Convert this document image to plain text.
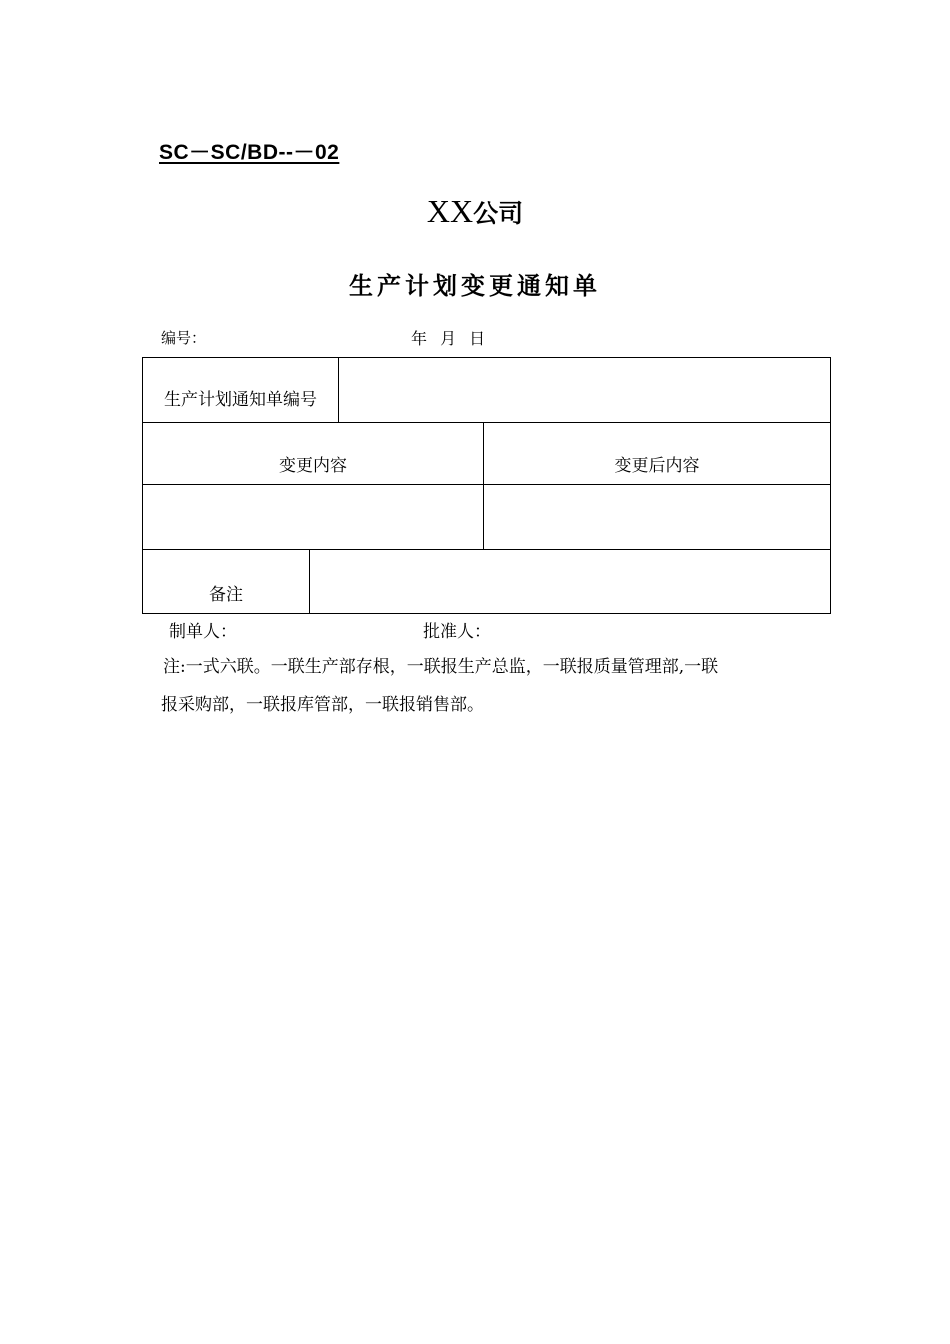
SC－SC/BD--－02
XX公司
生产计划变更通知单
编号：	年 月 日
生产计划通知单编号
变更内容	变更后内容
备注
制单人：	批准人：
注:一式六联。一联生产部存根，一联报生产总监，一联报质量管理部,一联
报采购部，一联报库管部，一联报销售部。
